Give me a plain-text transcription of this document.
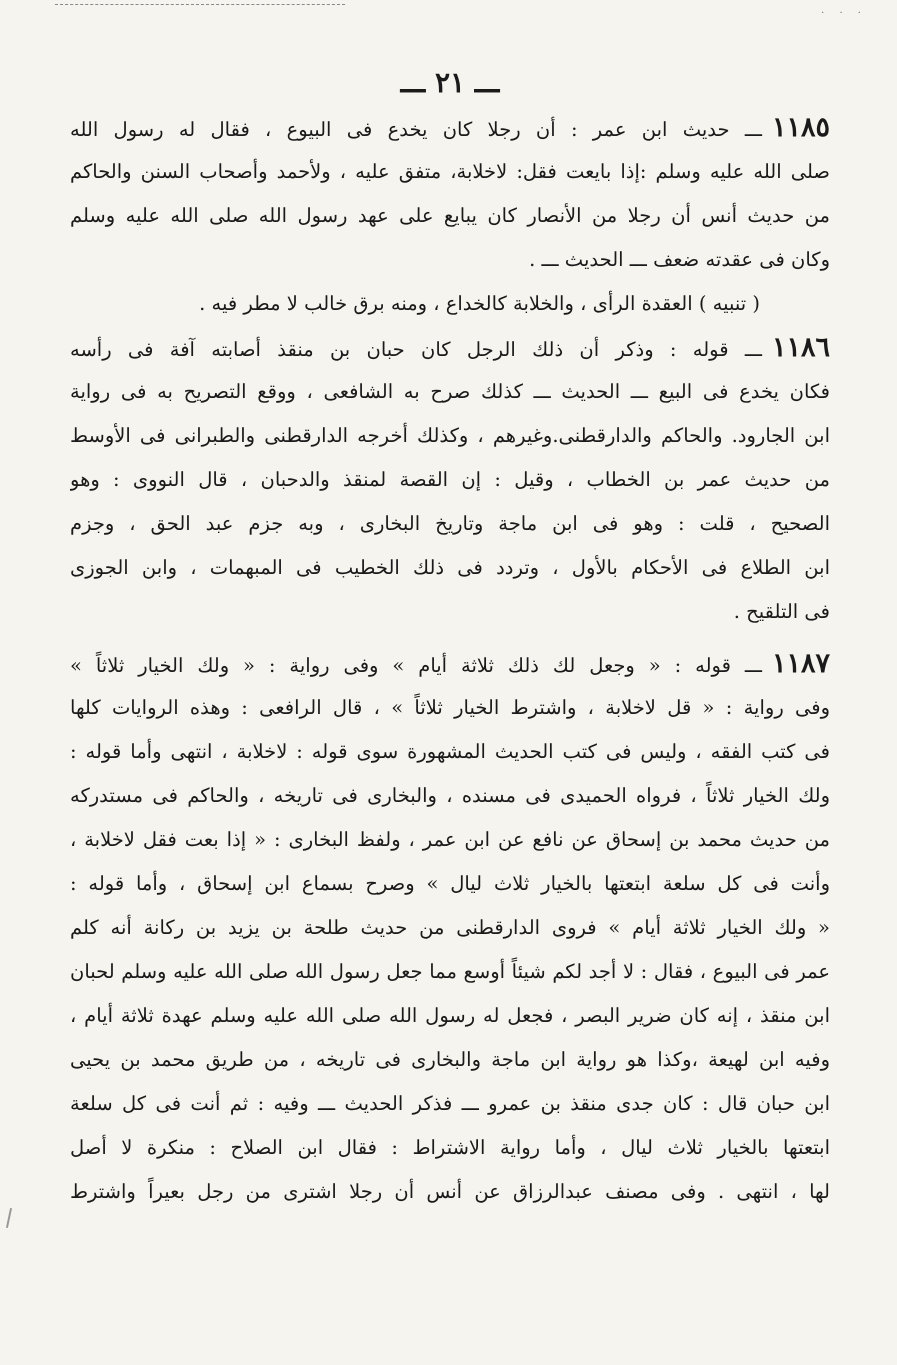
· · ·
ـــ ٢١ ـــ
١١٨٥ـــ حديث ابن عمر : أن رجلا كان يخدع فى البيوع ، فقال له رسول الله
صلى الله عليه وسلم :إذا بايعت فقل: لاخلابة، متفق عليه ، ولأحمد وأصحاب السنن والحاكم
من حديث أنس أن رجلا من الأنصار كان يبايع على عهد رسول الله صلى الله عليه وسلم
وكان فى عقدته ضعف ـــ الحديث ـــ .
( تنبيه ) العقدة الرأى ، والخلابة كالخداع ، ومنه برق خالب لا مطر فيه .
١١٨٦ـــ قوله : وذكر أن ذلك الرجل كان حبان بن منقذ أصابته آفة فى رأسه
فكان يخدع فى البيع ـــ الحديث ـــ كذلك صرح به الشافعى ، ووقع التصريح به فى رواية
ابن الجارود. والحاكم والدارقطنى.وغيرهم ، وكذلك أخرجه الدارقطنى والطبرانى فى الأوسط
من حديث عمر بن الخطاب ، وقيل : إن القصة لمنقذ والدحبان ، قال النووى : وهو
الصحيح ، قلت : وهو فى ابن ماجة وتاريخ البخارى ، وبه جزم عبد الحق ، وجزم
ابن الطلاع فى الأحكام بالأول ، وتردد فى ذلك الخطيب فى المبهمات ، وابن الجوزى
فى التلقيح .
١١٨٧ـــ قوله : « وجعل لك ذلك ثلاثة أيام » وفى رواية : « ولك الخيار ثلاثاً »
وفى رواية : « قل لاخلابة ، واشترط الخيار ثلاثاً » ، قال الرافعى : وهذه الروايات كلها
فى كتب الفقه ، وليس فى كتب الحديث المشهورة سوى قوله : لاخلابة ، انتهى وأما قوله :
ولك الخيار ثلاثاً ، فرواه الحميدى فى مسنده ، والبخارى فى تاريخه ، والحاكم فى مستدركه
من حديث محمد بن إسحاق عن نافع عن ابن عمر ، ولفظ البخارى : « إذا بعت فقل لاخلابة ،
وأنت فى كل سلعة ابتعتها بالخيار ثلاث ليال » وصرح بسماع ابن إسحاق ، وأما قوله :
« ولك الخيار ثلاثة أيام » فروى الدارقطنى من حديث طلحة بن يزيد بن ركانة أنه كلم
عمر فى البيوع ، فقال : لا أجد لكم شيئاً أوسع مما جعل رسول الله صلى الله عليه وسلم لحبان
ابن منقذ ، إنه كان ضرير البصر ، فجعل له رسول الله صلى الله عليه وسلم عهدة ثلاثة أيام ،
وفيه ابن لهيعة ،وكذا هو رواية ابن ماجة والبخارى فى تاريخه ، من طريق محمد بن يحيى
ابن حبان قال : كان جدى منقذ بن عمرو ـــ فذكر الحديث ـــ وفيه : ثم أنت فى كل سلعة
ابتعتها بالخيار ثلاث ليال ، وأما رواية الاشتراط : فقال ابن الصلاح : منكرة لا أصل
لها ، انتهى . وفى مصنف عبدالرزاق عن أنس أن رجلا اشترى من رجل بعيراً واشترط
